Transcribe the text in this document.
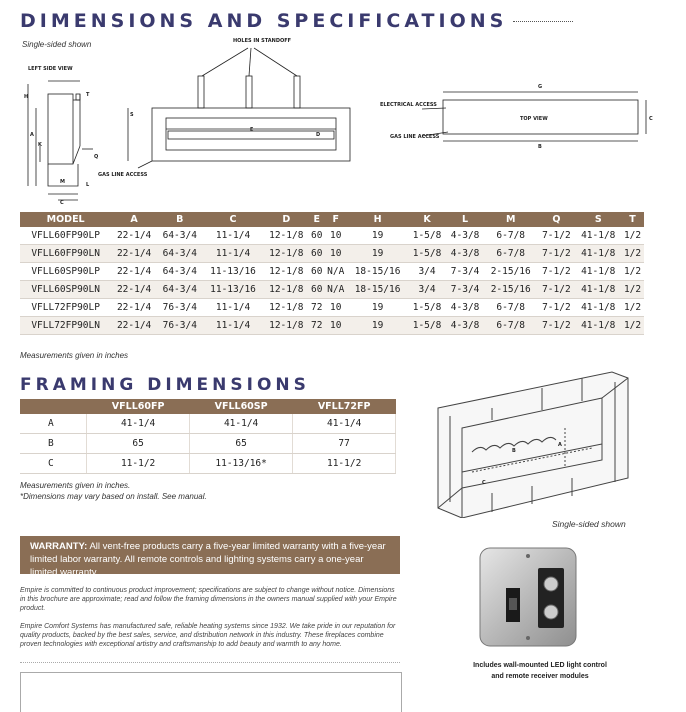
DIMENSIONS AND SPECIFICATIONS
Single-sided shown
LEFT SIDE VIEW
H
A
K
T
Q
M	L
C
HOLES IN STANDOFF
S
E
D
GAS LINE ACCESS
ELECTRICAL ACCESS
GAS LINE ACCESS
G
TOP VIEW
B
C
MODEL	A	B	C	D	E	F	H	K	L	M	Q	S	T
VFLL60FP90LP	22-1/4	64-3/4	11-1/4	12-1/8	60	10	19	1-5/8	4-3/8	6-7/8	7-1/2	41-1/8	1/2
VFLL60FP90LN	22-1/4	64-3/4	11-1/4	12-1/8	60	10	19	1-5/8	4-3/8	6-7/8	7-1/2	41-1/8	1/2
VFLL60SP90LP	22-1/4	64-3/4	11-13/16	12-1/8	60	N/A	18-15/16	3/4	7-3/4	2-15/16	7-1/2	41-1/8	1/2
VFLL60SP90LN	22-1/4	64-3/4	11-13/16	12-1/8	60	N/A	18-15/16	3/4	7-3/4	2-15/16	7-1/2	41-1/8	1/2
VFLL72FP90LP	22-1/4	76-3/4	11-1/4	12-1/8	72	10	19	1-5/8	4-3/8	6-7/8	7-1/2	41-1/8	1/2
VFLL72FP90LN	22-1/4	76-3/4	11-1/4	12-1/8	72	10	19	1-5/8	4-3/8	6-7/8	7-1/2	41-1/8	1/2
Measurements given in inches
FRAMING DIMENSIONS
	VFLL60FP	VFLL60SP	VFLL72FP
A	41-1/4	41-1/4	41-1/4
B	65	65	77
C	11-1/2	11-13/16*	11-1/2
Measurements given in inches.
*Dimensions may vary based on install. See manual.
B
A
C
Single-sided shown
WARRANTY: All vent-free products carry a five-year limited warranty with a five-year limited labor warranty. All remote controls and lighting systems carry a one-year limited warranty.
Empire is committed to continuous product improvement; specifications are subject to change without notice. Dimensions in this brochure are approximate; read and follow the framing dimensions in the owners manual supplied with your Empire product.
Empire Comfort Systems has manufactured safe, reliable heating systems since 1932. We take pride in our reputation for quality products, backed by the best sales, service, and distribution network in this industry. These fireplaces combine proven technologies with exceptional artistry and craftsmanship to add beauty and warmth to any home.
Includes wall-mounted LED light control
and remote receiver modules
